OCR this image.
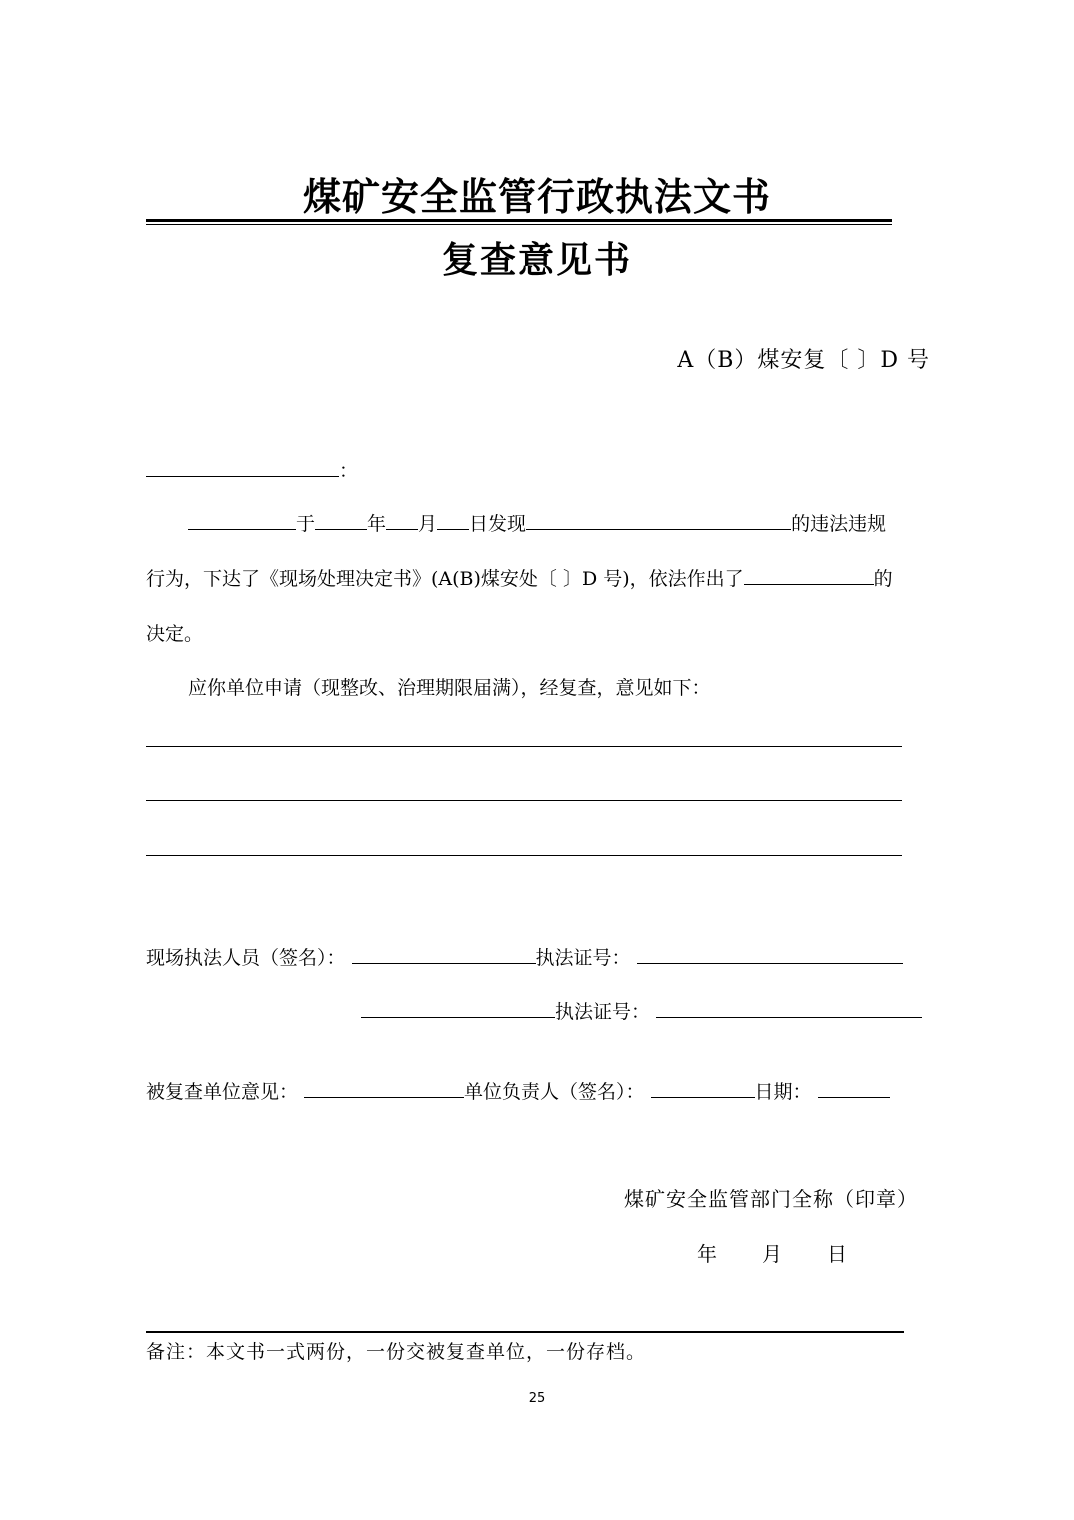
煤矿安全监管行政执法文书
复查意见书
A（B）煤安复〔 〕D 号
：
于	年 月 日发现	的违法违规
行为，下达了《现场处理决定书》(A(B)煤安处〔 〕D 号)，依法作出了	的
决定。
应你单位申请（现整改、治理期限届满），经复查，意见如下：
现场执法人员（签名）：	执法证号：
执法证号：
被复查单位意见：	单位负责人（签名）：	日期：
煤矿安全监管部门全称（印章）
年 月 日
备注：本文书一式两份，一份交被复查单位，一份存档。
25
